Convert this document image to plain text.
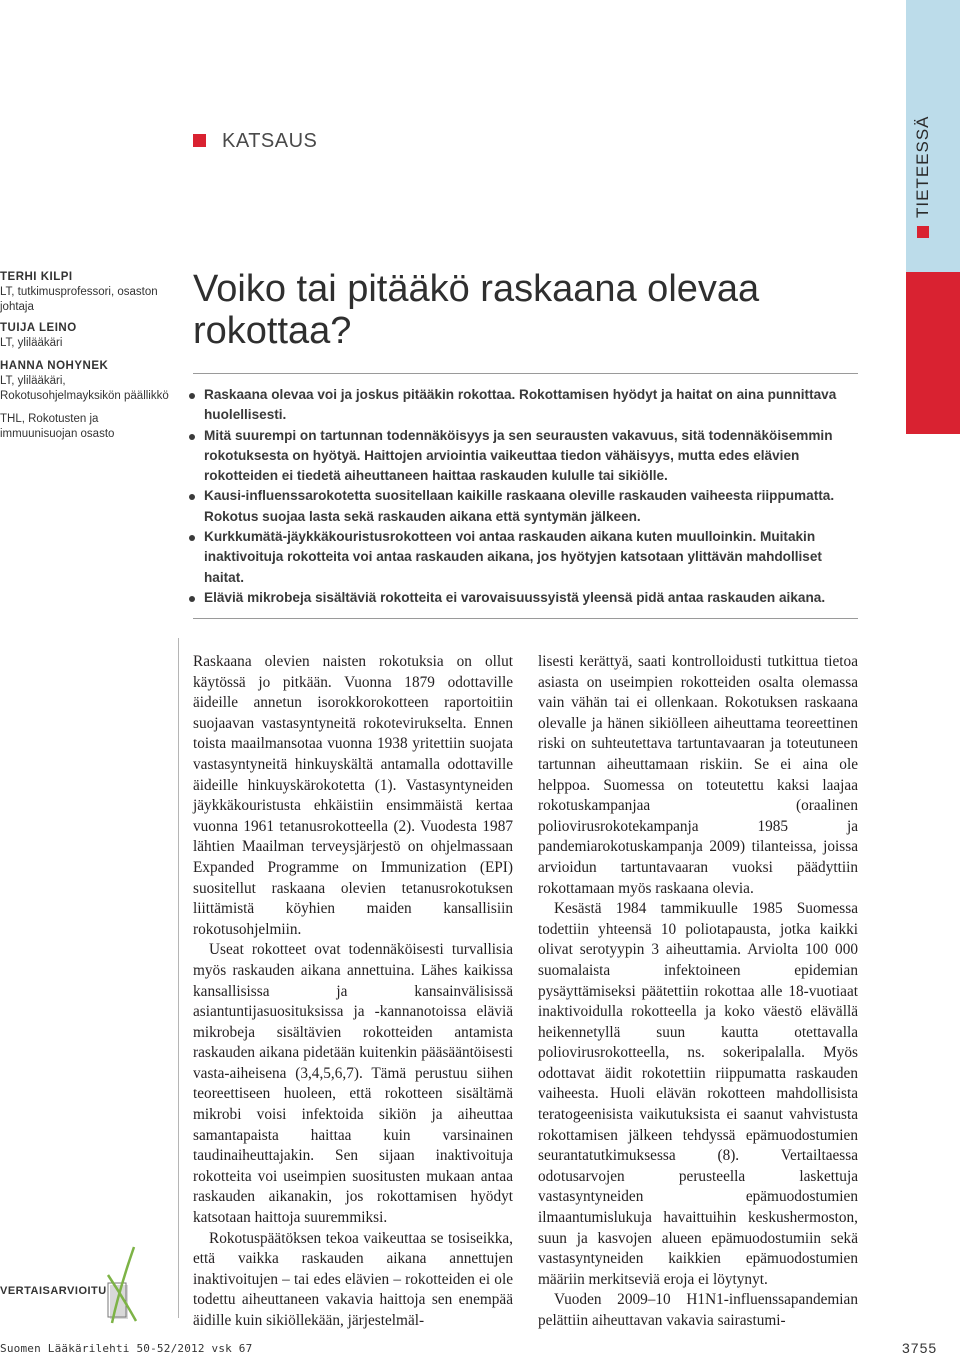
TIETEESSÄ
KATSAUS
TERHI KILPI
LT, tutkimusprofessori, osaston johtaja
TUIJA LEINO
LT, ylilääkäri
HANNA NOHYNEK
LT, ylilääkäri, Rokotusohjelmayksikön päällikkö
THL, Rokotusten ja immuunisuojan osasto
Voiko tai pitääkö raskaana olevaa rokottaa?
Raskaana olevaa voi ja joskus pitääkin rokottaa. Rokottamisen hyödyt ja haitat on aina punnittava huolellisesti.
Mitä suurempi on tartunnan todennäköisyys ja sen seurausten vakavuus, sitä todennäköisemmin rokotuksesta on hyötyä. Haittojen arviointia vaikeuttaa tiedon vähäisyys, mutta edes elävien rokotteiden ei tiedetä aiheuttaneen haittaa raskauden kululle tai sikiölle.
Kausi-influenssarokotetta suositellaan kaikille raskaana oleville raskauden vaiheesta riippumatta. Rokotus suojaa lasta sekä raskauden aikana että syntymän jälkeen.
Kurkkumätä-jäykkäkouristusrokotteen voi antaa raskauden aikana kuten muulloinkin. Muitakin inaktivoituja rokotteita voi antaa raskauden aikana, jos hyötyjen katsotaan ylittävän mahdolliset haitat.
Eläviä mikrobeja sisältäviä rokotteita ei varovaisuussyistä yleensä pidä antaa raskauden aikana.

Raskaana olevien naisten rokotuksia on ollut käytössä jo pitkään. Vuonna 1879 odottaville äideille annetun isorokkorokotteen raportoitiin suojaavan vastasyntyneitä rokotevirukselta. Ennen toista maailmansotaa vuonna 1938 yritettiin suojata vastasyntyneitä hinkuyskältä antamalla odottaville äideille hinkuyskärokotetta (1). Vastasyntyneiden jäykkäkouristusta ehkäistiin ensimmäistä kertaa vuonna 1961 tetanusrokotteella (2). Vuodesta 1987 lähtien Maailman terveysjärjestö on ohjelmassaan Expanded Programme on Immunization (EPI) suositellut raskaana olevien tetanusrokotuksen liittämistä köyhien maiden kansallisiin rokotusohjelmiin.

Useat rokotteet ovat todennäköisesti turvallisia myös raskauden aikana annettuina. Lähes kaikissa kansallisissa ja kansainvälisissä asiantuntijasuosituksissa ja -kannanotoissa eläviä mikrobeja sisältävien rokotteiden antamista raskauden aikana pidetään kuitenkin pääsääntöisesti vasta-aiheisena (3,4,5,6,7). Tämä perustuu siihen teoreettiseen huoleen, että rokotteen sisältämä mikrobi voisi infektoida sikiön ja aiheuttaa samantapaista haittaa kuin varsinainen taudinaiheuttajakin. Sen sijaan inaktivoituja rokotteita voi useimpien suositusten mukaan antaa raskauden aikanakin, jos rokottamisen hyödyt katsotaan haittoja suuremmiksi.

Rokotuspäätöksen tekoa vaikeuttaa se tosiseikka, että vaikka raskauden aikana annettujen inaktivoitujen – tai edes elävien – rokotteiden ei ole todettu aiheuttaneen vakavia haittoja sen enempää äidille kuin sikiöllekään, järjestelmäl-

lisesti kerättyä, saati kontrolloidusti tutkittua tietoa asiasta on useimpien rokotteiden osalta olemassa vain vähän tai ei ollenkaan. Rokotuksen raskaana olevalle ja hänen sikiölleen aiheuttama teoreettinen riski on suhteutettava tartuntavaaran ja toteutuneen tartunnan aiheuttamaan riskiin. Se ei aina ole helppoa. Suomessa on toteutettu kaksi laajaa rokotuskampanjaa (oraalinen poliovirusrokotekampanja 1985 ja pandemiarokotuskampanja 2009) tilanteissa, joissa arvioidun tartuntavaaran vuoksi päädyttiin rokottamaan myös raskaana olevia.

Kesästä 1984 tammikuulle 1985 Suomessa todettiin yhteensä 10 poliotapausta, jotka kaikki olivat serotyypin 3 aiheuttamia. Arviolta 100 000 suomalaista infektoineen epidemian pysäyttämiseksi päätettiin rokottaa alle 18-vuotiaat inaktivoidulla rokotteella ja koko väestö elävällä heikennetyllä suun kautta otettavalla poliovirusrokotteella, ns. sokeripalalla. Myös odottavat äidit rokotettiin riippumatta raskauden vaiheesta. Huoli elävän rokotteen mahdollisista teratogeenisista vaikutuksista ei saanut vahvistusta rokottamisen jälkeen tehdyssä epämuodostumien seurantatutkimuksessa (8). Vertailtaessa odotusarvojen perusteella laskettuja vastasyntyneiden epämuodostumien ilmaantumislukuja havaittuihin keskushermoston, suun ja kasvojen alueen epämuodostumiin sekä vastasyntyneiden kaikkien epämuodostumien määriin merkitseviä eroja ei löytynyt.

Vuoden 2009–10 H1N1-influenssapandemian pelättiin aiheuttavan vakavia sairastumi-

VERTAISARVIOITU
Suomen Lääkärilehti 50-52/2012 vsk 67	3755
